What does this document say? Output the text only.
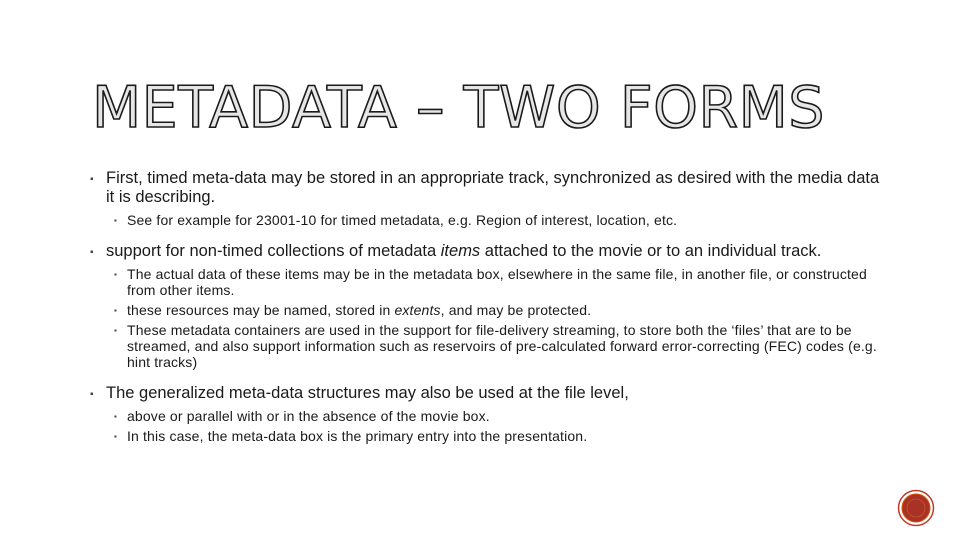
METADATA – TWO FORMS

▪ First, timed meta-data may be stored in an appropriate track, synchronized as desired with the media data it is describing.

▪ See for example for 23001-10 for timed metadata, e.g. Region of interest, location, etc.

▪ support for non-timed collections of metadata items attached to the movie or to an individual track.

▪ The actual data of these items may be in the metadata box, elsewhere in the same file, in another file, or constructed from other items.

▪ these resources may be named, stored in extents, and may be protected.

▪ These metadata containers are used in the support for file-delivery streaming, to store both the ‘files’ that are to be streamed, and also support information such as reservoirs of pre-calculated forward error-correcting (FEC) codes (e.g. hint tracks)

▪ The generalized meta-data structures may also be used at the file level,

▪ above or parallel with or in the absence of the movie box.

▪ In this case, the meta-data box is the primary entry into the presentation.
